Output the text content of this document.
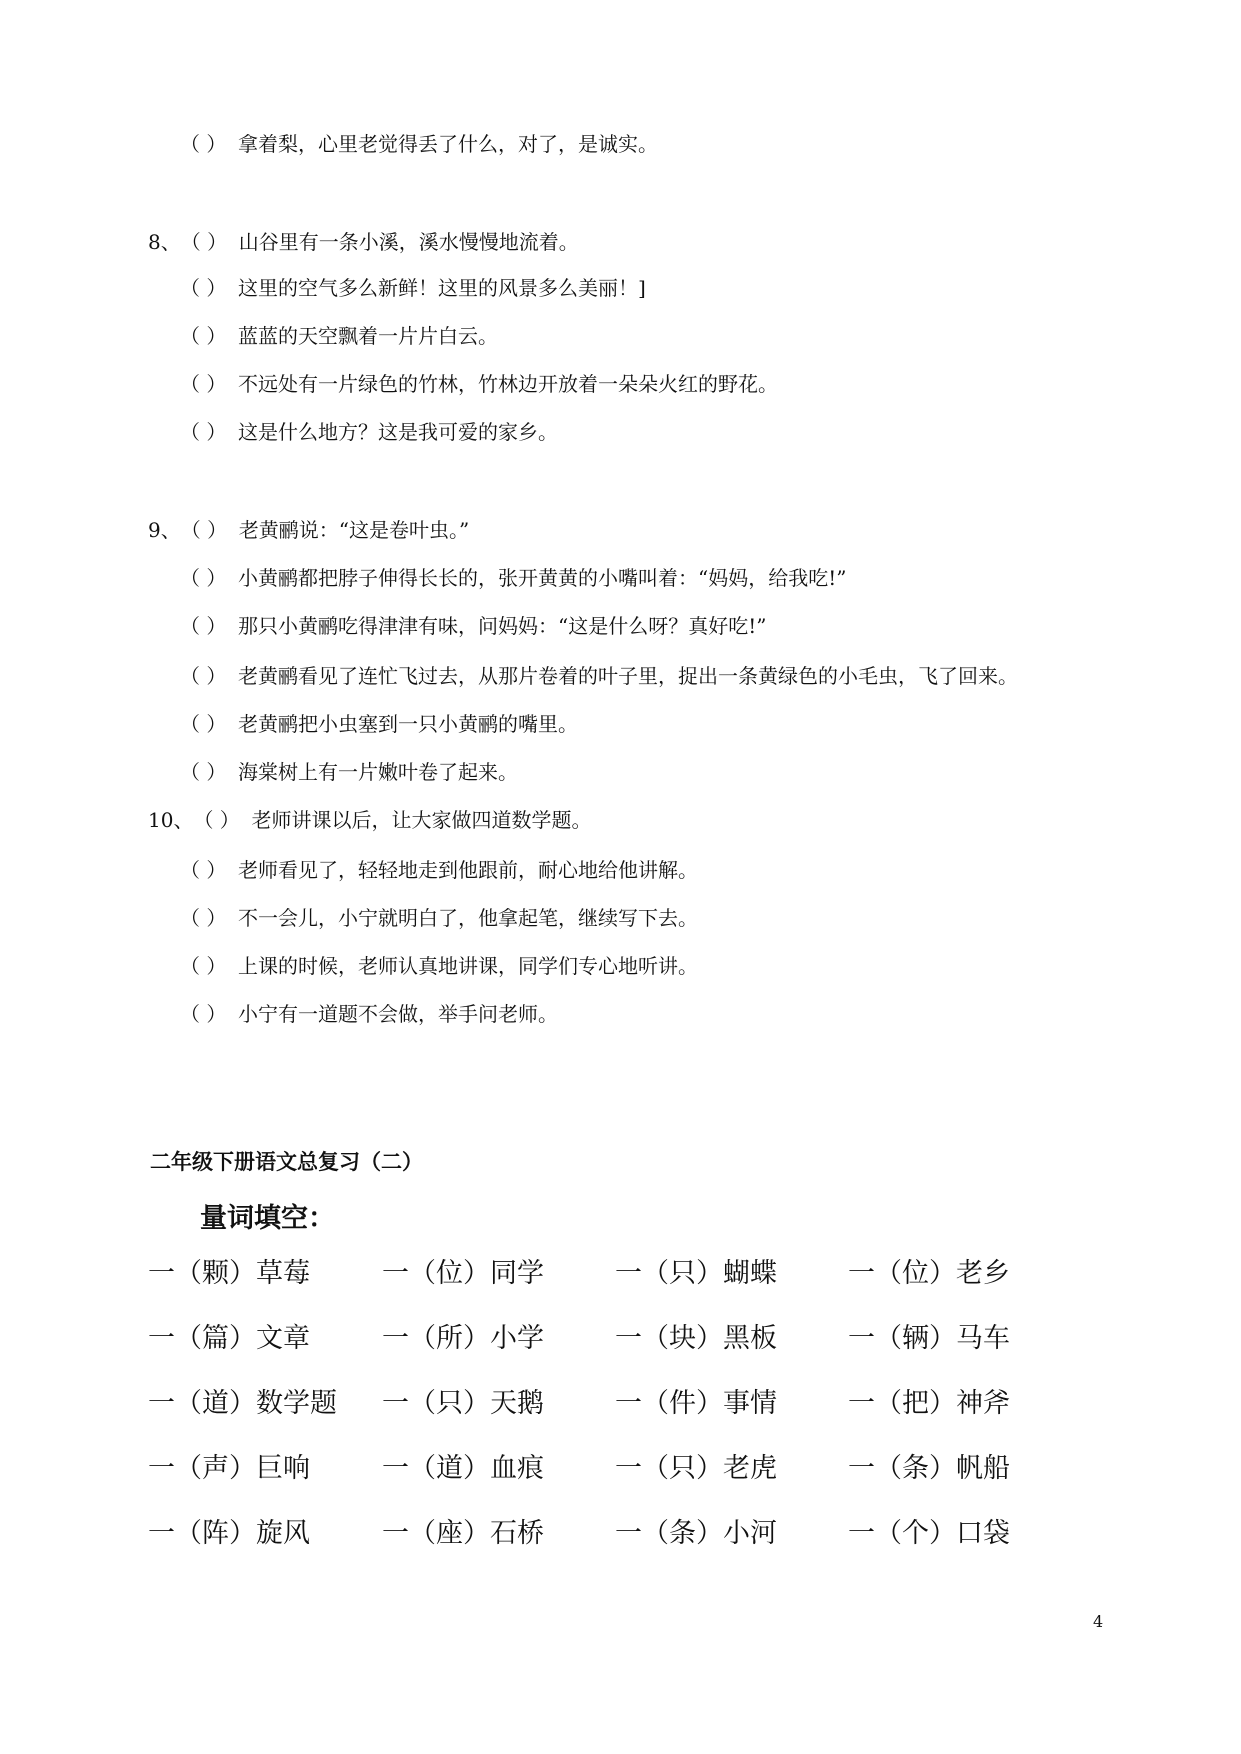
（ ） 拿着梨，心里老觉得丢了什么，对了，是诚实。
8、（ ） 山谷里有一条小溪，溪水慢慢地流着。
（ ） 这里的空气多么新鲜！这里的风景多么美丽！]
（ ） 蓝蓝的天空飘着一片片白云。
（ ） 不远处有一片绿色的竹林，竹林边开放着一朵朵火红的野花。
（ ） 这是什么地方？这是我可爱的家乡。
9、（ ） 老黄鹂说：“这是卷叶虫。”
（ ） 小黄鹂都把脖子伸得长长的，张开黄黄的小嘴叫着：“妈妈，给我吃!”
（ ） 那只小黄鹂吃得津津有味，问妈妈：“这是什么呀？真好吃!”
（ ） 老黄鹂看见了连忙飞过去，从那片卷着的叶子里，捉出一条黄绿色的小毛虫，飞了回来。
（ ） 老黄鹂把小虫塞到一只小黄鹂的嘴里。
（ ） 海棠树上有一片嫩叶卷了起来。
10、（ ） 老师讲课以后，让大家做四道数学题。
（ ） 老师看见了，轻轻地走到他跟前，耐心地给他讲解。
（ ） 不一会儿，小宁就明白了，他拿起笔，继续写下去。
（ ） 上课的时候，老师认真地讲课，同学们专心地听讲。
（ ） 小宁有一道题不会做，举手问老师。
二年级下册语文总复习（二）
量词填空：
一（颗）草莓	一（位）同学	一（只）蝴蝶	一（位）老乡
一（篇）文章	一（所）小学	一（块）黑板	一（辆）马车
一（道）数学题 一（只）天鹅	一（件）事情	一（把）神斧
一（声）巨响	一（道）血痕	一（只）老虎	一（条）帆船
一（阵）旋风	一（座）石桥	一（条）小河	一（个）口袋
4
